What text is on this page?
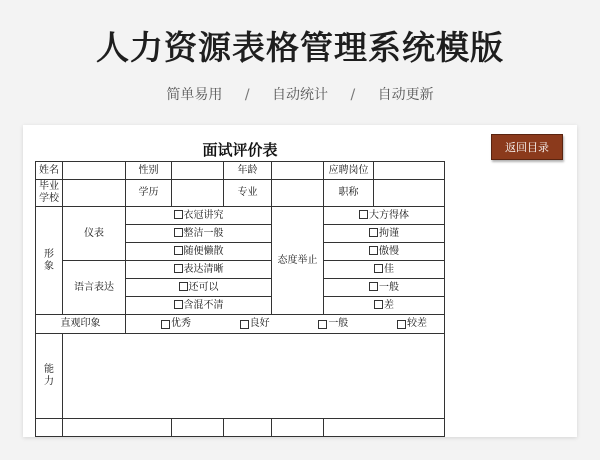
人力资源表格管理系统模版
简单易用 / 自动统计 / 自动更新
返回目录
面试评价表
姓名		性别		年龄		应聘岗位	
毕业学校		学历		专业		职称	
形象	仪表	衣冠讲究			态度举止	大方得体	
		整洁一般				拘谨	
		随便懒散				傲慢	
	语言表达	表达清晰				佳	
		还可以				一般	
		含混不清				差	
直观印象		优秀 良好 一般 较差					

能力							
